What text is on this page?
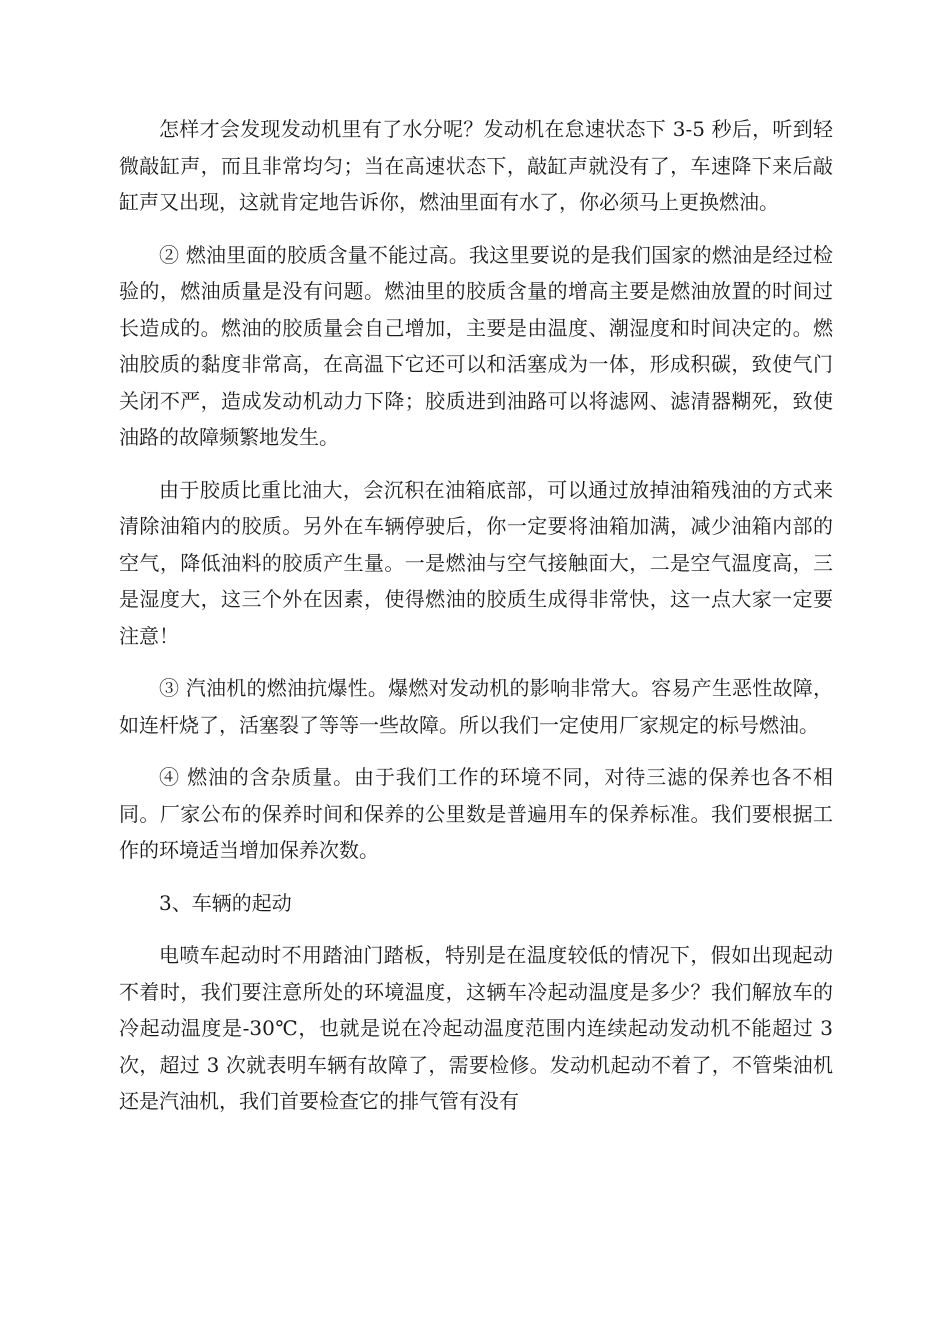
怎样才会发现发动机里有了水分呢？发动机在怠速状态下 3-5 秒后，听到轻微敲缸声，而且非常均匀；当在高速状态下，敲缸声就没有了，车速降下来后敲缸声又出现，这就肯定地告诉你，燃油里面有水了，你必须马上更换燃油。

② 燃油里面的胶质含量不能过高。我这里要说的是我们国家的燃油是经过检验的，燃油质量是没有问题。燃油里的胶质含量的增高主要是燃油放置的时间过长造成的。燃油的胶质量会自己增加，主要是由温度、潮湿度和时间决定的。燃油胶质的黏度非常高，在高温下它还可以和活塞成为一体，形成积碳，致使气门关闭不严，造成发动机动力下降；胶质进到油路可以将滤网、滤清器糊死，致使油路的故障频繁地发生。

由于胶质比重比油大，会沉积在油箱底部，可以通过放掉油箱残油的方式来清除油箱内的胶质。另外在车辆停驶后，你一定要将油箱加满，减少油箱内部的空气，降低油料的胶质产生量。一是燃油与空气接触面大，二是空气温度高，三是湿度大，这三个外在因素，使得燃油的胶质生成得非常快，这一点大家一定要注意！

③ 汽油机的燃油抗爆性。爆燃对发动机的影响非常大。容易产生恶性故障，如连杆烧了，活塞裂了等等一些故障。所以我们一定使用厂家规定的标号燃油。

④ 燃油的含杂质量。由于我们工作的环境不同，对待三滤的保养也各不相同。厂家公布的保养时间和保养的公里数是普遍用车的保养标准。我们要根据工作的环境适当增加保养次数。

3、车辆的起动

电喷车起动时不用踏油门踏板，特别是在温度较低的情况下，假如出现起动不着时，我们要注意所处的环境温度，这辆车冷起动温度是多少？我们解放车的冷起动温度是-30℃，也就是说在冷起动温度范围内连续起动发动机不能超过 3 次，超过 3 次就表明车辆有故障了，需要检修。发动机起动不着了，不管柴油机还是汽油机，我们首要检查它的排气管有没有
